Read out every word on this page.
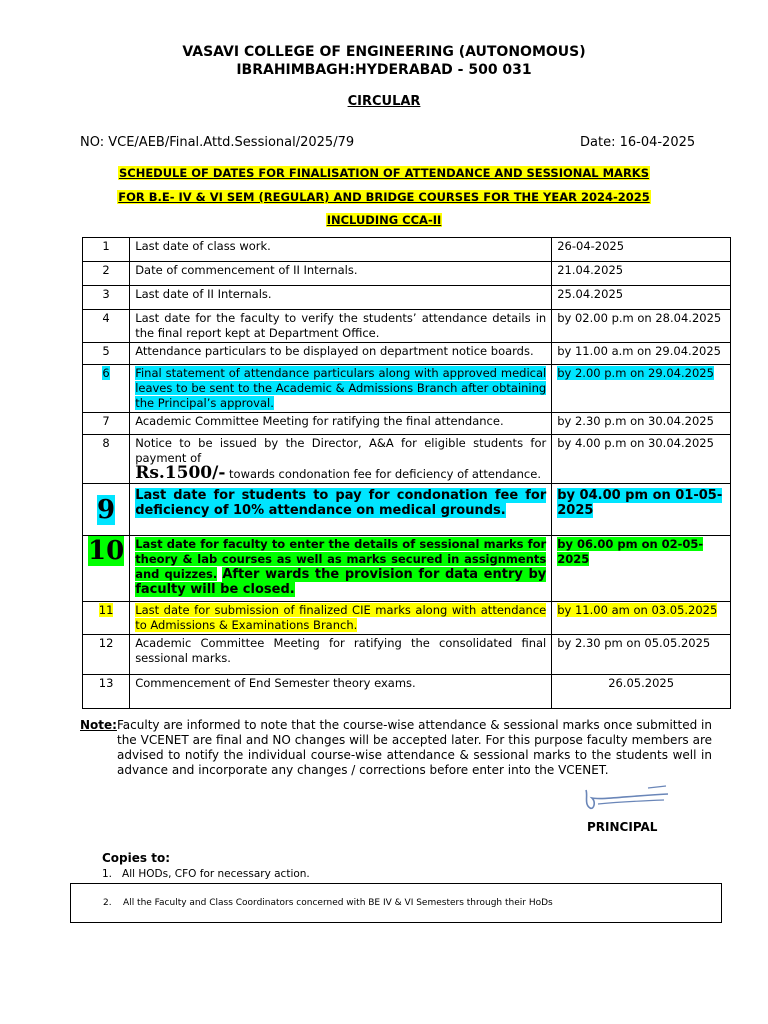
VASAVI COLLEGE OF ENGINEERING (AUTONOMOUS)
IBRAHIMBAGH:HYDERABAD - 500 031
CIRCULAR
NO: VCE/AEB/Final.Attd.Sessional/2025/79	Date: 16-04-2025
SCHEDULE OF DATES FOR FINALISATION OF ATTENDANCE AND SESSIONAL MARKS
FOR B.E- IV & VI SEM (REGULAR) AND BRIDGE COURSES FOR THE YEAR 2024-2025
INCLUDING CCA-II
1	Last date of class work.	26-04-2025
2	Date of commencement of II Internals.	21.04.2025
3	Last date of II Internals.	25.04.2025
4	Last date for the faculty to verify the students’ attendance details in the final report kept at Department Office.	by 02.00 p.m on 28.04.2025
5	Attendance particulars to be displayed on department notice boards.	by 11.00 a.m on 29.04.2025
6	Final statement of attendance particulars along with approved medical leaves to be sent to the Academic & Admissions Branch after obtaining the Principal’s approval.	by 2.00 p.m on 29.04.2025
7	Academic Committee Meeting for ratifying the final attendance.	by 2.30 p.m on 30.04.2025
8	Notice to be issued by the Director, A&A for eligible students for payment of
Rs.1500/- towards condonation fee for deficiency of attendance.	by 4.00 p.m on 30.04.2025
9	Last date for students to pay for condonation fee for deficiency of 10% attendance on medical grounds.	by 04.00 pm on 01-05-2025
10	Last date for faculty to enter the details of sessional marks for theory & lab courses as well as marks secured in assignments and quizzes. After wards the provision for data entry by faculty will be closed.	by 06.00 pm on 02-05-2025
11	Last date for submission of finalized CIE marks along with attendance to Admissions & Examinations Branch.	by 11.00 am on 03.05.2025
12	Academic Committee Meeting for ratifying the consolidated final sessional marks.	by 2.30 pm on 05.05.2025
13	Commencement of End Semester theory exams.	26.05.2025
Note: Faculty are informed to note that the course-wise attendance & sessional marks once submitted in the VCENET are final and NO changes will be accepted later. For this purpose faculty members are advised to notify the individual course-wise attendance & sessional marks to the students well in advance and incorporate any changes / corrections before enter into the VCENET.
PRINCIPAL
Copies to:
1.   All HODs, CFO for necessary action.
2.    All the Faculty and Class Coordinators concerned with BE IV & VI Semesters through their HoDs
